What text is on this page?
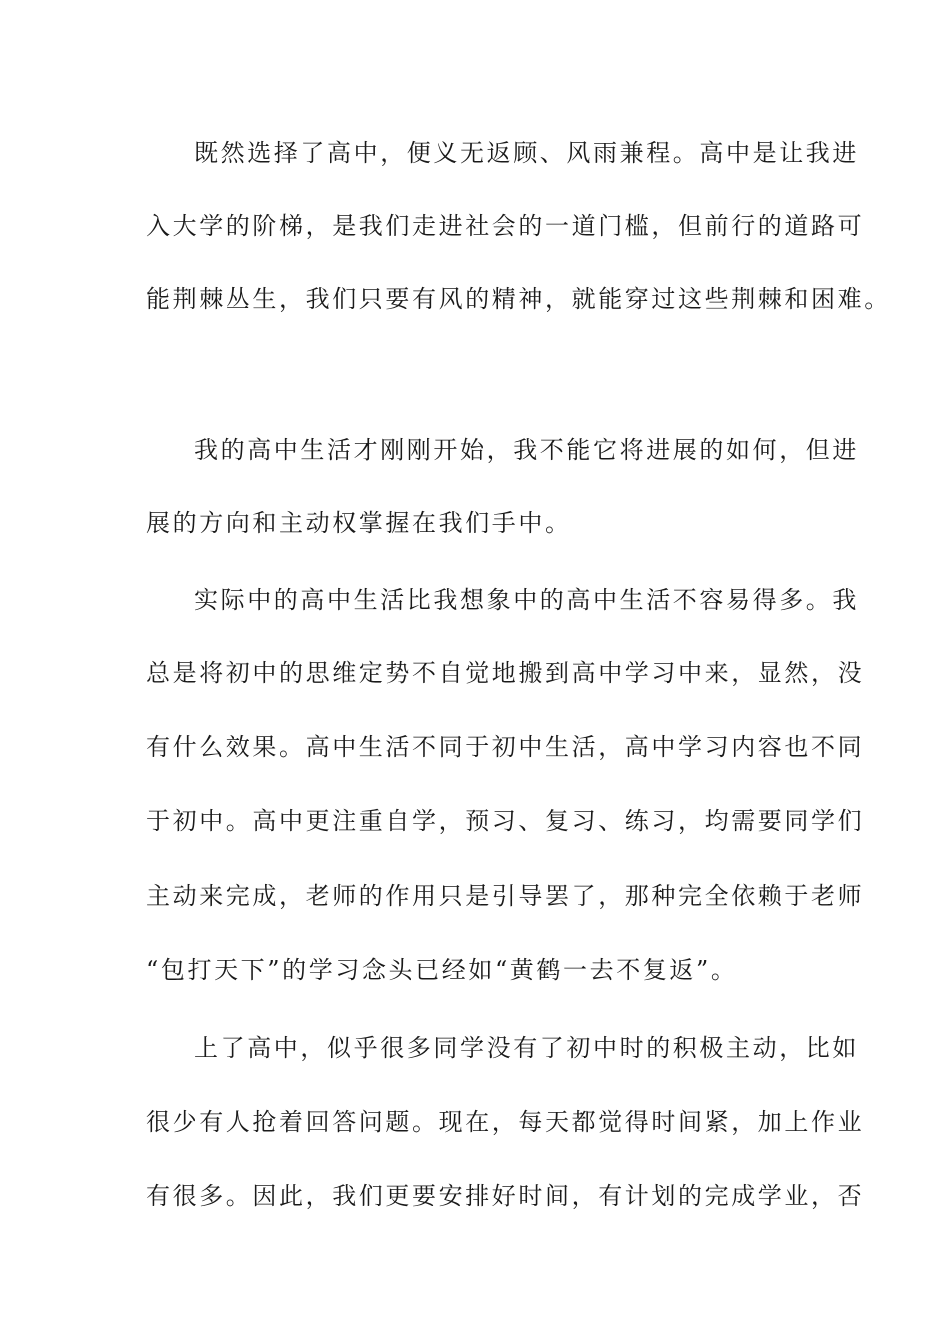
既然选择了高中，便义无返顾、风雨兼程。高中是让我进
入大学的阶梯，是我们走进社会的一道门槛，但前行的道路可
能荆棘丛生，我们只要有风的精神，就能穿过这些荆棘和困难。
我的高中生活才刚刚开始，我不能它将进展的如何，但进
展的方向和主动权掌握在我们手中。
实际中的高中生活比我想象中的高中生活不容易得多。我
总是将初中的思维定势不自觉地搬到高中学习中来，显然，没
有什么效果。高中生活不同于初中生活，高中学习内容也不同
于初中。高中更注重自学，预习、复习、练习，均需要同学们
主动来完成，老师的作用只是引导罢了，那种完全依赖于老师
“包打天下”的学习念头已经如“黄鹤一去不复返”。
上了高中，似乎很多同学没有了初中时的积极主动，比如
很少有人抢着回答问题。现在，每天都觉得时间紧，加上作业
有很多。因此，我们更要安排好时间，有计划的完成学业，否
